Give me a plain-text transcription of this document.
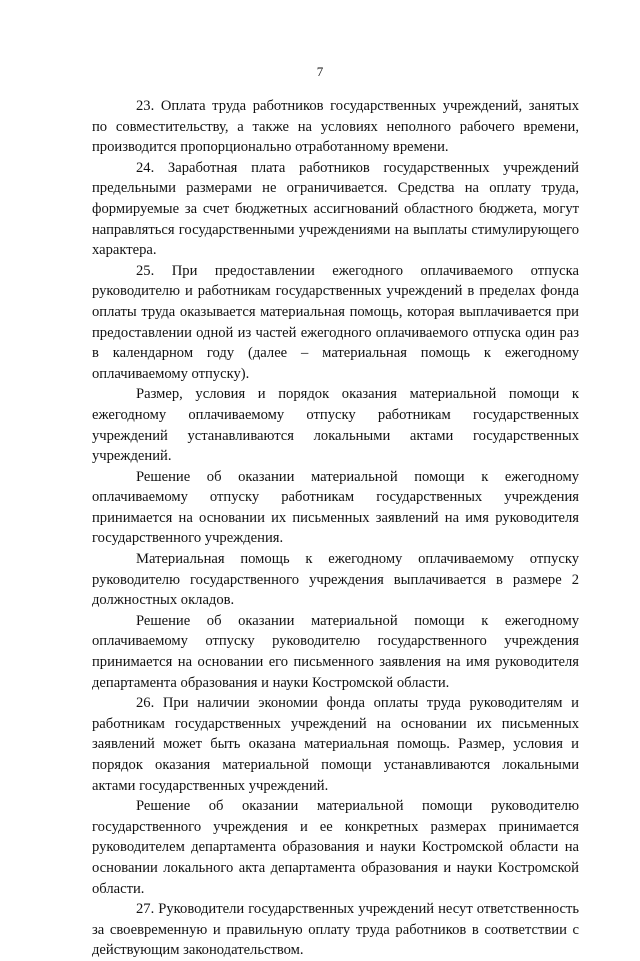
7

23. Оплата труда работников государственных учреждений, занятых по совместительству, а также на условиях неполного рабочего времени, производится пропорционально отработанному времени.

24. Заработная плата работников государственных учреждений предельными размерами не ограничивается. Средства на оплату труда, формируемые за счет бюджетных ассигнований областного бюджета, могут направляться государственными учреждениями на выплаты стимулирующего характера.

25. При предоставлении ежегодного оплачиваемого отпуска руководителю и работникам государственных учреждений в пределах фонда оплаты труда оказывается материальная помощь, которая выплачивается при предоставлении одной из частей ежегодного оплачиваемого отпуска один раз в календарном году (далее – материальная помощь к ежегодному оплачиваемому отпуску).

Размер, условия и порядок оказания материальной помощи к ежегодному оплачиваемому отпуску работникам государственных учреждений устанавливаются локальными актами государственных учреждений.

Решение об оказании материальной помощи к ежегодному оплачиваемому отпуску работникам государственных учреждения принимается на основании их письменных заявлений на имя руководителя государственного учреждения.

Материальная помощь к ежегодному оплачиваемому отпуску руководителю государственного учреждения выплачивается в размере 2 должностных окладов.

Решение об оказании материальной помощи к ежегодному оплачиваемому отпуску руководителю государственного учреждения принимается на основании его письменного заявления на имя руководителя департамента образования и науки Костромской области.

26. При наличии экономии фонда оплаты труда руководителям и работникам государственных учреждений на основании их письменных заявлений может быть оказана материальная помощь. Размер, условия и порядок оказания материальной помощи устанавливаются локальными актами государственных учреждений.

Решение об оказании материальной помощи руководителю государственного учреждения и ее конкретных размерах принимается руководителем департамента образования и науки Костромской области на основании локального акта департамента образования и науки Костромской области.

27. Руководители государственных учреждений несут ответственность за своевременную и правильную оплату труда работников в соответствии с действующим законодательством.
